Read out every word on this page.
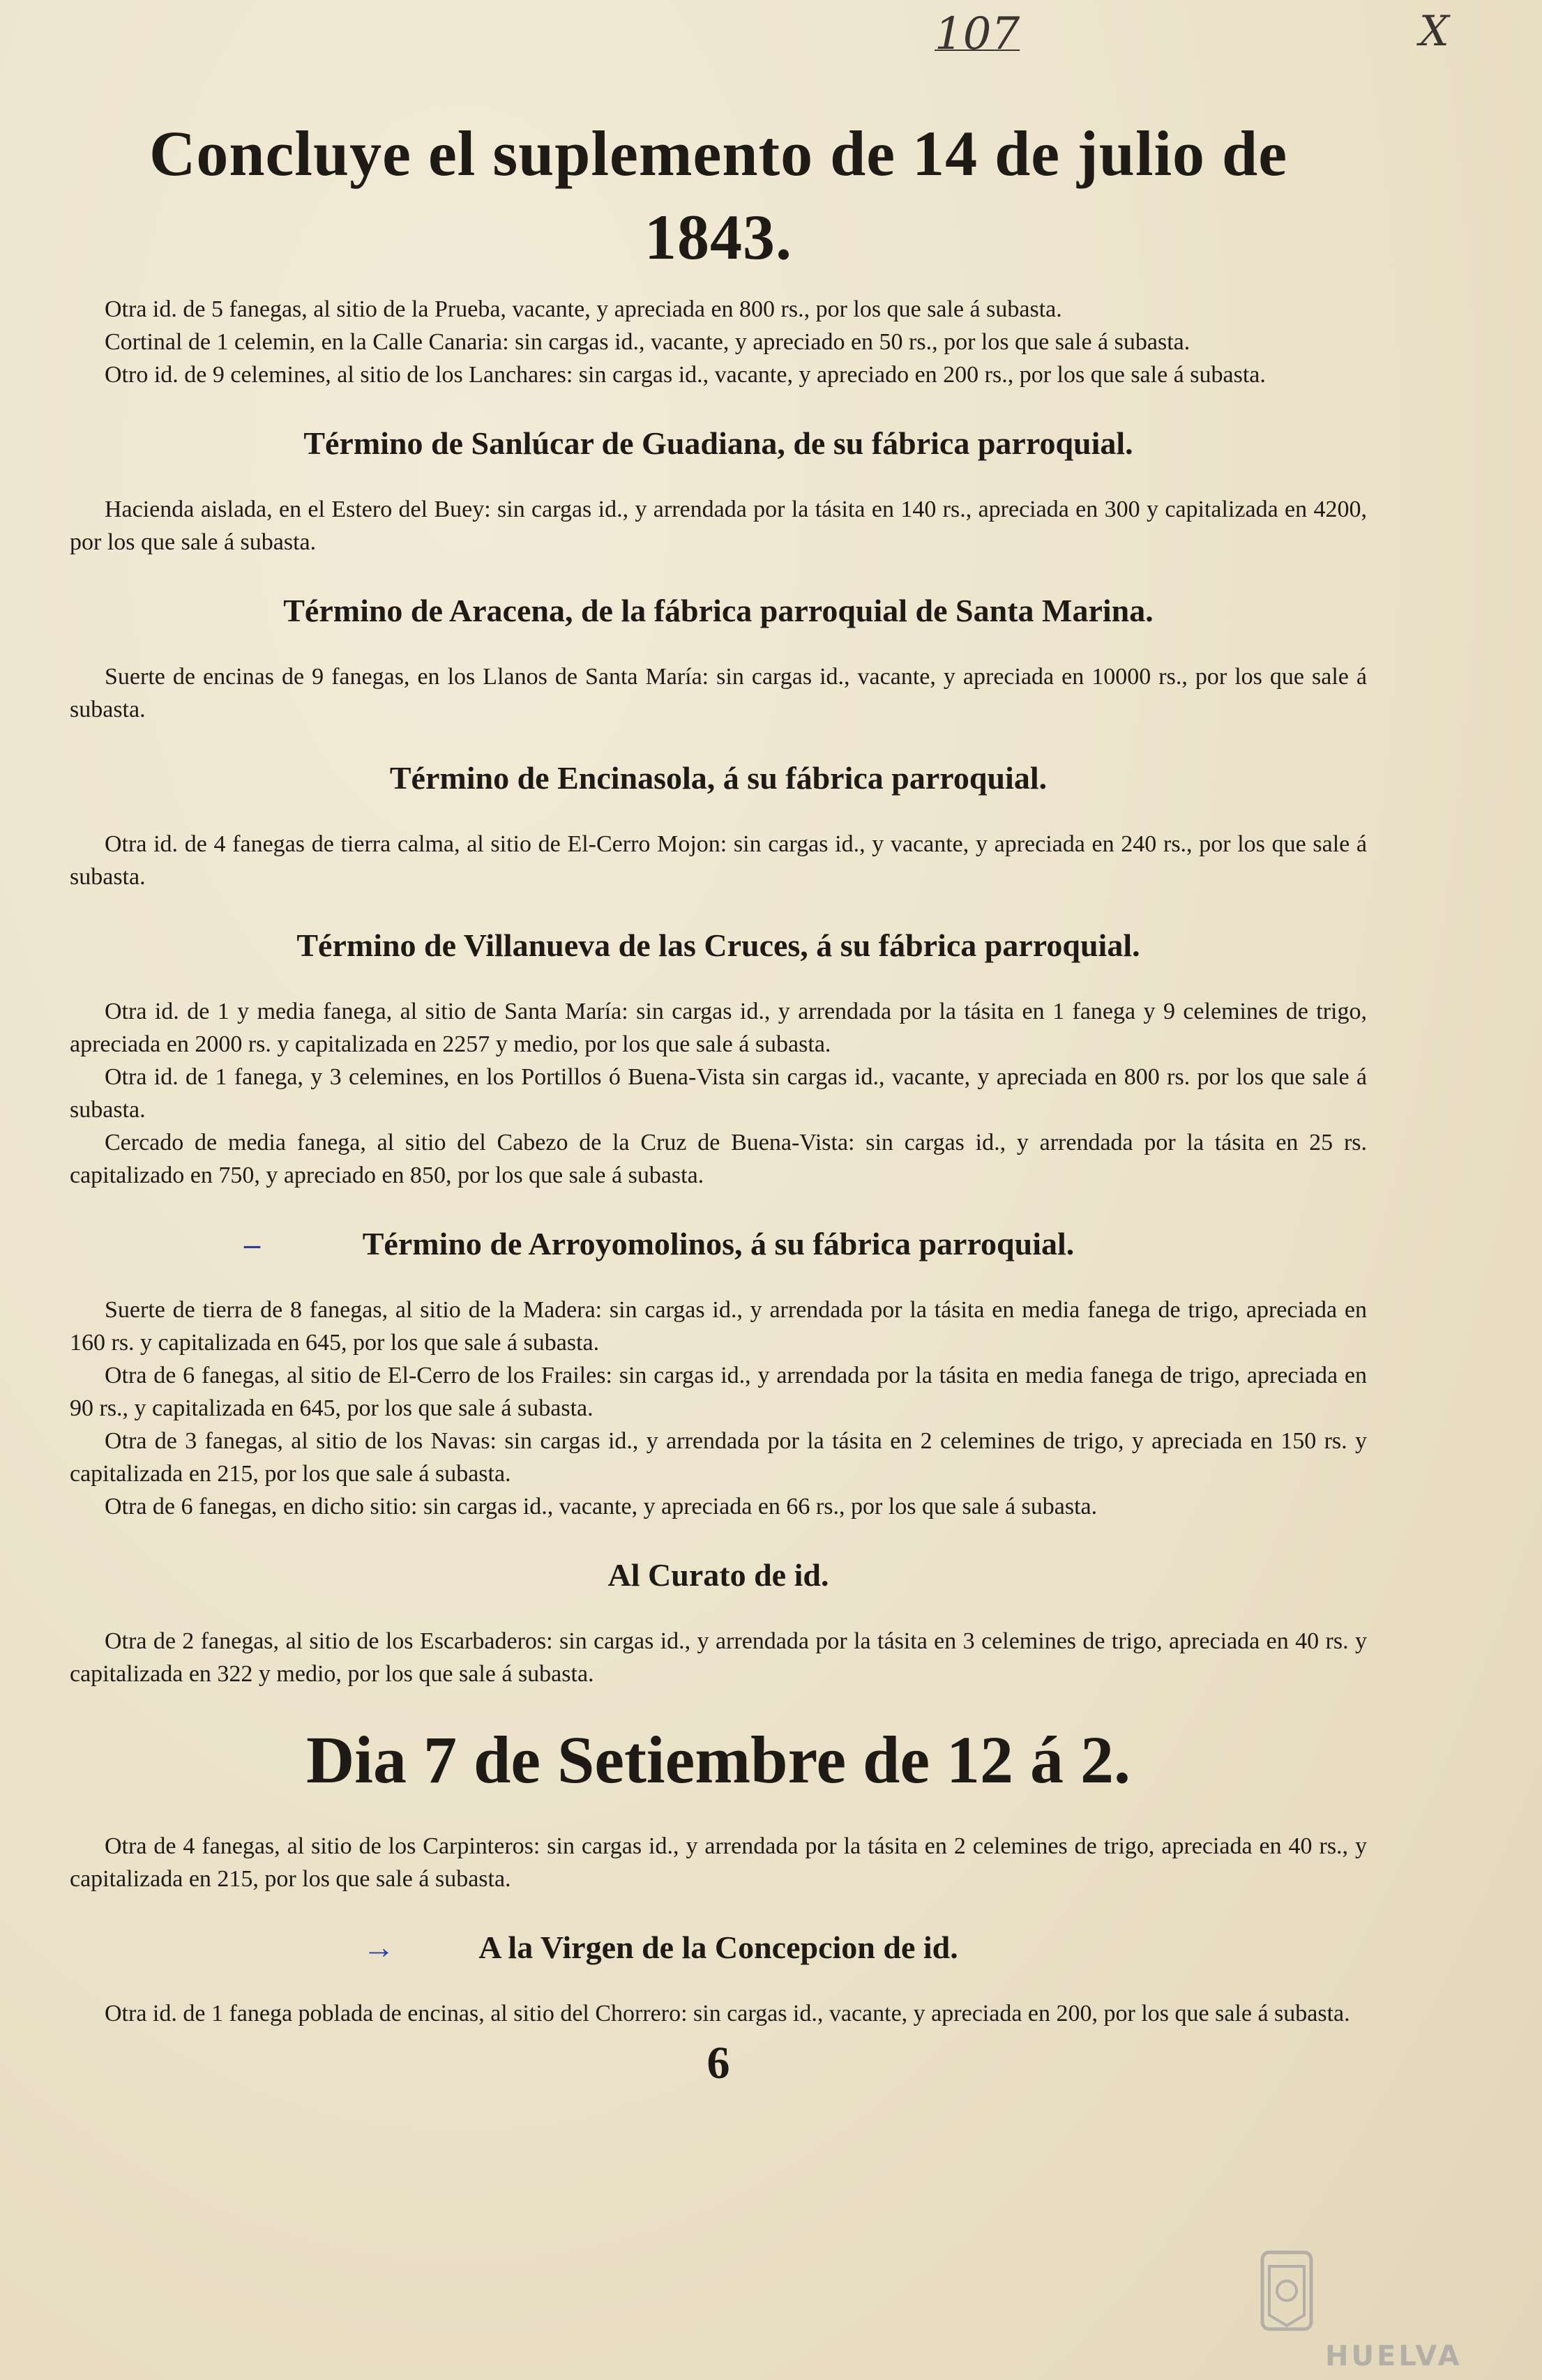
107	X
Concluye el suplemento de 14 de julio de 1843.

Otra id. de 5 fanegas, al sitio de la Prueba, vacante, y apreciada en 800 rs., por los que sale á subasta.

Cortinal de 1 celemin, en la Calle Canaria: sin cargas id., vacante, y apreciado en 50 rs., por los que sale á subasta.

Otro id. de 9 celemines, al sitio de los Lanchares: sin cargas id., vacante, y apreciado en 200 rs., por los que sale á subasta.

Término de Sanlúcar de Guadiana, de su fábrica parroquial.

Hacienda aislada, en el Estero del Buey: sin cargas id., y arrendada por la tásita en 140 rs., apreciada en 300 y capitalizada en 4200, por los que sale á subasta.

Término de Aracena, de la fábrica parroquial de Santa Marina.

Suerte de encinas de 9 fanegas, en los Llanos de Santa María: sin cargas id., vacante, y apreciada en 10000 rs., por los que sale á subasta.

Término de Encinasola, á su fábrica parroquial.

Otra id. de 4 fanegas de tierra calma, al sitio de El-Cerro Mojon: sin cargas id., y vacante, y apreciada en 240 rs., por los que sale á subasta.

Término de Villanueva de las Cruces, á su fábrica parroquial.

Otra id. de 1 y media fanega, al sitio de Santa María: sin cargas id., y arrendada por la tásita en 1 fanega y 9 celemines de trigo, apreciada en 2000 rs. y capitalizada en 2257 y medio, por los que sale á subasta.

Otra id. de 1 fanega, y 3 celemines, en los Portillos ó Buena-Vista sin cargas id., vacante, y apreciada en 800 rs. por los que sale á subasta.

Cercado de media fanega, al sitio del Cabezo de la Cruz de Buena-Vista: sin cargas id., y arrendada por la tásita en 25 rs. capitalizado en 750, y apreciado en 850, por los que sale á subasta.

–	Término de Arroyomolinos, á su fábrica parroquial.

Suerte de tierra de 8 fanegas, al sitio de la Madera: sin cargas id., y arrendada por la tásita en media fanega de trigo, apreciada en 160 rs. y capitalizada en 645, por los que sale á subasta.

Otra de 6 fanegas, al sitio de El-Cerro de los Frailes: sin cargas id., y arrendada por la tásita en media fanega de trigo, apreciada en 90 rs., y capitalizada en 645, por los que sale á subasta.

Otra de 3 fanegas, al sitio de los Navas: sin cargas id., y arrendada por la tásita en 2 celemines de trigo, y apreciada en 150 rs. y capitalizada en 215, por los que sale á subasta.

Otra de 6 fanegas, en dicho sitio: sin cargas id., vacante, y apreciada en 66 rs., por los que sale á subasta.

Al Curato de id.

Otra de 2 fanegas, al sitio de los Escarbaderos: sin cargas id., y arrendada por la tásita en 3 celemines de trigo, apreciada en 40 rs. y capitalizada en 322 y medio, por los que sale á subasta.

Dia 7 de Setiembre de 12 á 2.

Otra de 4 fanegas, al sitio de los Carpinteros: sin cargas id., y arrendada por la tásita en 2 celemines de trigo, apreciada en 40 rs., y capitalizada en 215, por los que sale á subasta.

→	A la Virgen de la Concepcion de id.

Otra id. de 1 fanega poblada de encinas, al sitio del Chorrero: sin cargas id., vacante, y apreciada en 200, por los que sale á subasta.

6
HUELVA
